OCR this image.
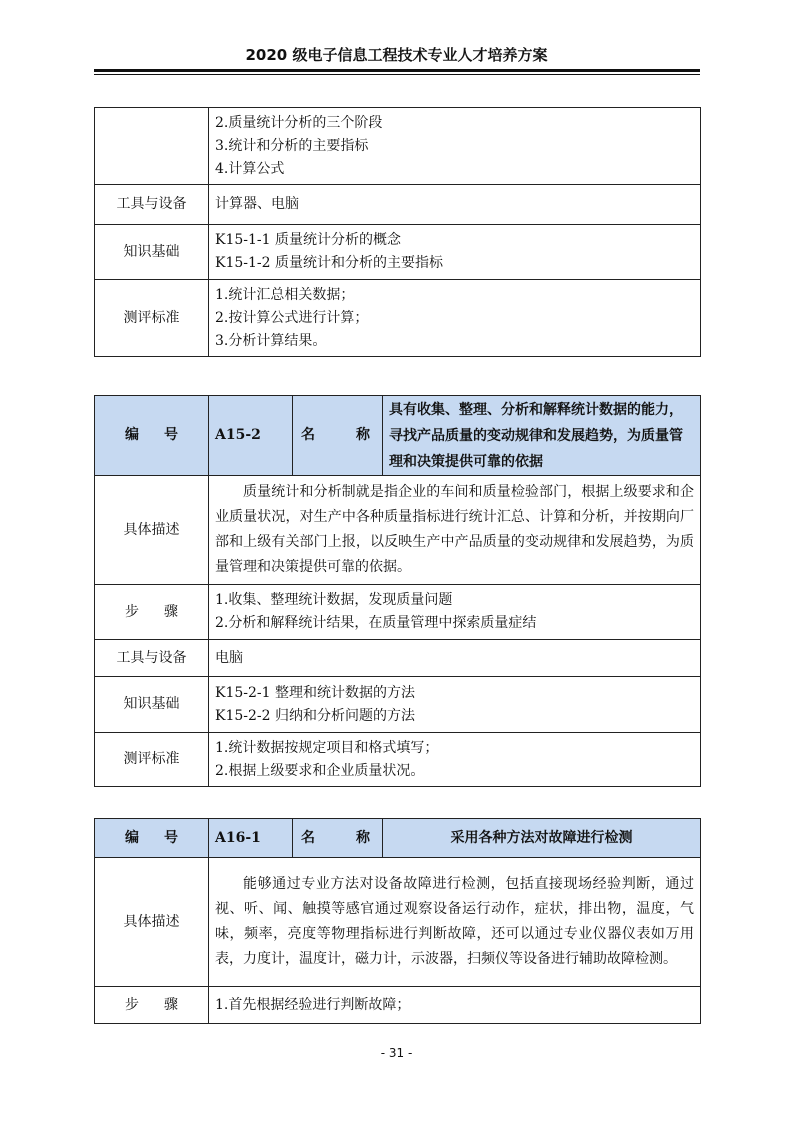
2020 级电子信息工程技术专业人才培养方案

	2.质量统计分析的三个阶段
3.统计和分析的主要指标
4.计算公式

工具与设备	计算器、电脑
知识基础	K15-1-1 质量统计分析的概念
K15-1-2 质量统计和分析的主要指标

测评标准	1.统计汇总相关数据；
2.按计算公式进行计算；
3.分析计算结果。
编 号	A15-2	名 称	具有收集、整理、分析和解释统计数据的能力，寻找产品质量的变动规律和发展趋势，为质量管理和决策提供可靠的依据
具体描述	质量统计和分析制就是指企业的车间和质量检验部门，根据上级要求和企业质量状况，对生产中各种质量指标进行统计汇总、计算和分析，并按期向厂部和上级有关部门上报，以反映生产中产品质量的变动规律和发展趋势，为质量管理和决策提供可靠的依据。		

步 骤	1.收集、整理统计数据，发现质量问题
2.分析和解释统计结果，在质量管理中探索质量症结		

工具与设备	电脑		
知识基础	K15-2-1 整理和统计数据的方法
K15-2-2 归纳和分析问题的方法		

测评标准	1.统计数据按规定项目和格式填写；
2.根据上级要求和企业质量状况。		
编 号	A16-1	名 称	采用各种方法对故障进行检测
具体描述	能够通过专业方法对设备故障进行检测，包括直接现场经验判断，通过视、听、闻、触摸等感官通过观察设备运行动作，症状，排出物，温度，气味，频率，亮度等物理指标进行判断故障，还可以通过专业仪器仪表如万用表，力度计，温度计，磁力计，示波器，扫频仪等设备进行辅助故障检测。		

步 骤	1.首先根据经验进行判断故障；		
- 31 -
